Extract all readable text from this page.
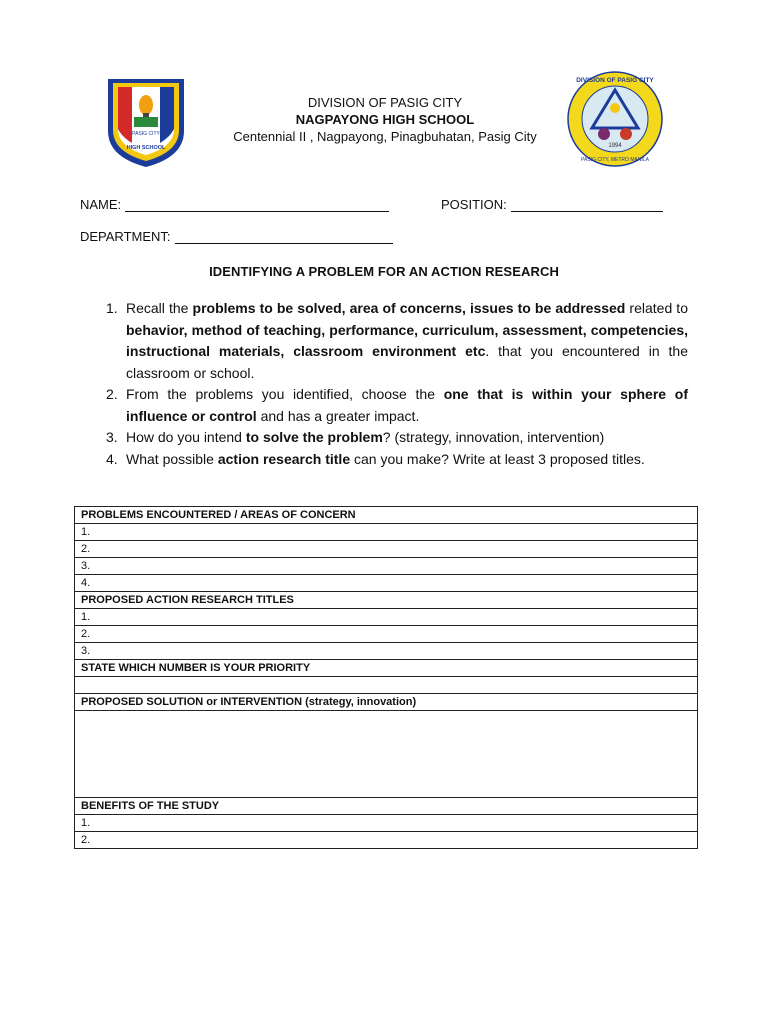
PASIG CITY
HIGH SCHOOL	1994
DIVISION OF PASIG CITY
PASIG CITY, METRO MANILA
DIVISION OF PASIG CITY
NAGPAYONG HIGH SCHOOL
Centennial II , Nagpayong, Pinagbuhatan, Pasig City
NAME:	POSITION:
DEPARTMENT:
IDENTIFYING A PROBLEM FOR AN ACTION RESEARCH
1. Recall the problems to be solved, area of concerns, issues to be addressed related to behavior, method of teaching, performance, curriculum, assessment, competencies, instructional materials, classroom environment etc. that you encountered in the classroom or school.
2. From the problems you identified, choose the one that is within your sphere of influence or control and has a greater impact.
3. How do you intend to solve the problem? (strategy, innovation, intervention)
4. What possible action research title can you make? Write at least 3 proposed titles.
PROBLEMS ENCOUNTERED / AREAS OF CONCERN
1.
2.
3.
4.
PROPOSED ACTION RESEARCH TITLES
1.
2.
3.
STATE WHICH NUMBER IS YOUR PRIORITY

PROPOSED SOLUTION or INTERVENTION (strategy, innovation)

BENEFITS OF THE STUDY
1.
2.
